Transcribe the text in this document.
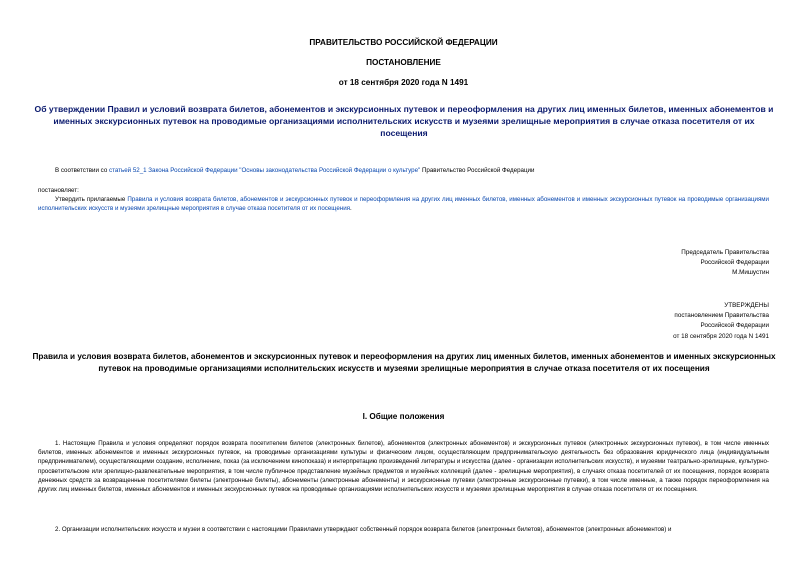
ПРАВИТЕЛЬСТВО РОССИЙСКОЙ ФЕДЕРАЦИИ
ПОСТАНОВЛЕНИЕ
от 18 сентября 2020 года N 1491
Об утверждении Правил и условий возврата билетов, абонементов и экскурсионных путевок и переоформления на других лиц именных билетов, именных абонементов и именных экскурсионных путевок на проводимые организациями исполнительских искусств и музеями зрелищные мероприятия в случае отказа посетителя от их посещения
В соответствии со статьей 52_1 Закона Российской Федерации "Основы законодательства Российской Федерации о культуре" Правительство Российской Федерации
постановляет:
Утвердить прилагаемые Правила и условия возврата билетов, абонементов и экскурсионных путевок и переоформления на других лиц именных билетов, именных абонементов и именных экскурсионных путевок на проводимые организациями исполнительских искусств и музеями зрелищные мероприятия в случае отказа посетителя от их посещения.
Председатель Правительства
Российской Федерации
М.Мишустин
УТВЕРЖДЕНЫ
постановлением Правительства
Российской Федерации
от 18 сентября 2020 года N 1491
Правила и условия возврата билетов, абонементов и экскурсионных путевок и переоформления на других лиц именных билетов, именных абонементов и именных экскурсионных путевок на проводимые организациями исполнительских искусств и музеями зрелищные мероприятия в случае отказа посетителя от их посещения
I. Общие положения
1. Настоящие Правила и условия определяют порядок возврата посетителем билетов (электронных билетов), абонементов (электронных абонементов) и экскурсионных путевок (электронных экскурсионных путевок), в том числе именных билетов, именных абонементов и именных экскурсионных путевок, на проводимые организациями культуры и физическим лицом, осуществляющим предпринимательскую деятельность без образования юридического лица (индивидуальным предпринимателем), осуществляющими создание, исполнение, показ (за исключением кинопоказа) и интерпретацию произведений литературы и искусства (далее - организации исполнительских искусств), и музеями театрально-зрелищные, культурно-просветительские или зрелищно-развлекательные мероприятия, в том числе публичное представление музейных предметов и музейных коллекций (далее - зрелищные мероприятия), в случаях отказа посетителей от их посещения, порядок возврата денежных средств за возвращенные посетителями билеты (электронные билеты), абонементы (электронные абонементы) и экскурсионные путевки (электронные экскурсионные путевки), в том числе именные, а также порядок переоформления на других лиц именных билетов, именных абонементов и именных экскурсионных путевок на проводимые организациями исполнительских искусств и музеями зрелищные мероприятия в случае отказа посетителя от их посещения.
2. Организации исполнительских искусств и музеи в соответствии с настоящими Правилами утверждают собственный порядок возврата билетов (электронных билетов), абонементов (электронных абонементов) и
